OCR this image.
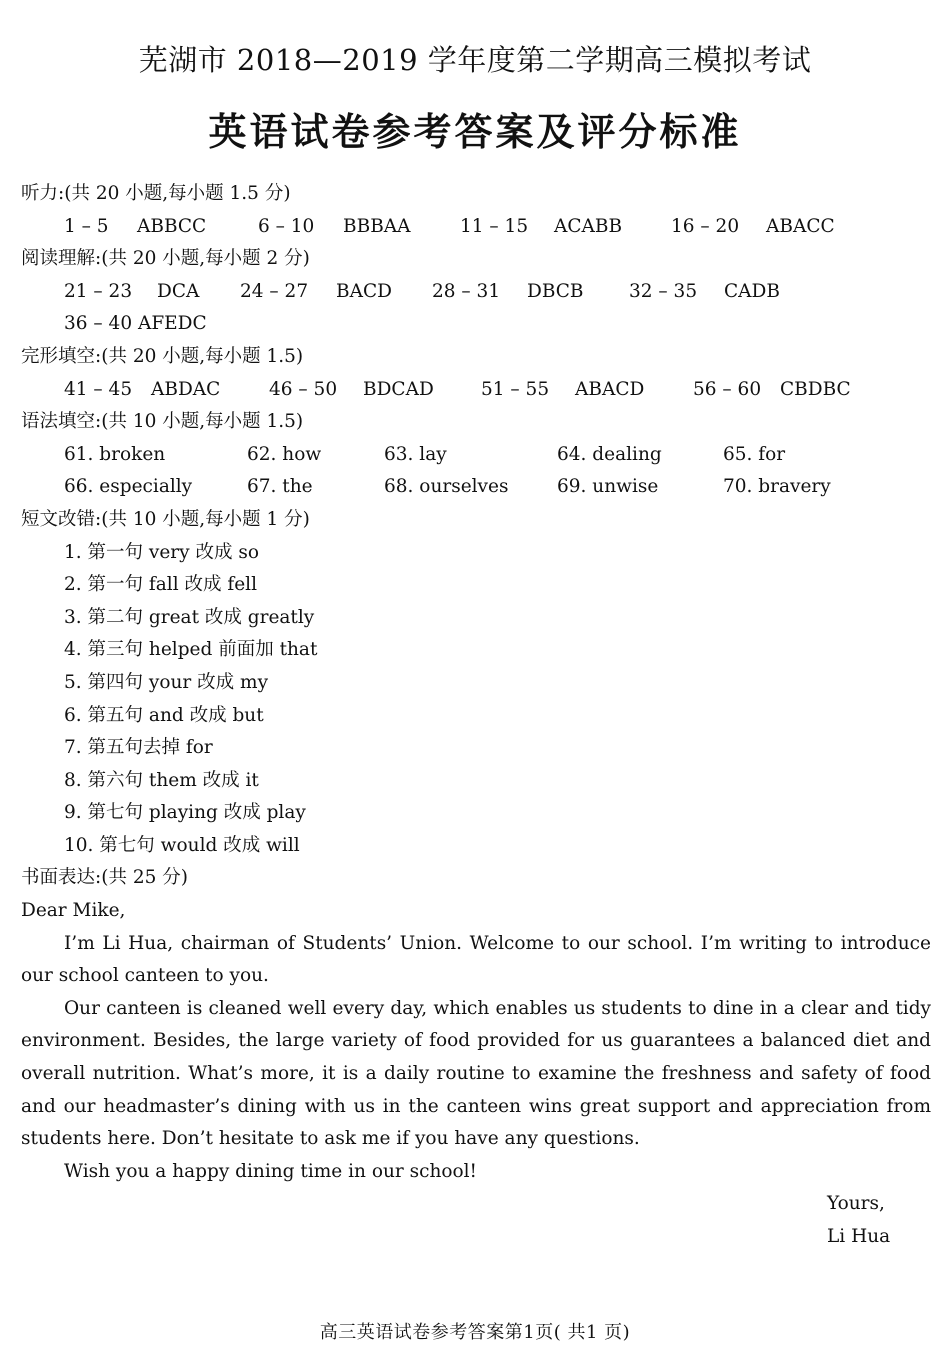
芜湖市 2018—2019 学年度第二学期高三模拟考试
英语试卷参考答案及评分标准
听力:(共 20 小题,每小题 1.5 分)
1 – 5 ABBCC	6 – 10 BBBAA	11 – 15 ACABB	16 – 20 ABACC
阅读理解:(共 20 小题,每小题 2 分)
21 – 23 DCA 24 – 27 BACD 28 – 31 DBCB 32 – 35 CADB
36 – 40 AFEDC
完形填空:(共 20 小题,每小题 1.5)
41 – 45 ABDAC	46 – 50 BDCAD	51 – 55 ABACD	56 – 60 CBDBC
语法填空:(共 10 小题,每小题 1.5)
61. broken	62. how	63. lay	64. dealing	65. for
66. especially	67. the	68. ourselves	69. unwise	70. bravery
短文改错:(共 10 小题,每小题 1 分)
1. 第一句 very 改成 so
2. 第一句 fall 改成 fell
3. 第二句 great 改成 greatly
4. 第三句 helped 前面加 that
5. 第四句 your 改成 my
6. 第五句 and 改成 but
7. 第五句去掉 for
8. 第六句 them 改成 it
9. 第七句 playing 改成 play
10. 第七句 would 改成 will
书面表达:(共 25 分)
Dear Mike,

I’m Li Hua, chairman of Students’ Union. Welcome to our school. I’m writing to introduce our school canteen to you.

Our canteen is cleaned well every day, which enables us students to dine in a clear and tidy environment. Besides, the large variety of food provided for us guarantees a balanced diet and overall nutrition. What’s more, it is a daily routine to examine the freshness and safety of food and our headmaster’s dining with us in the canteen wins great support and appreciation from students here. Don’t hesitate to ask me if you have any questions.

Wish you a happy dining time in our school!

Yours,
Li Hua
高三英语试卷参考答案第1页( 共1 页)
